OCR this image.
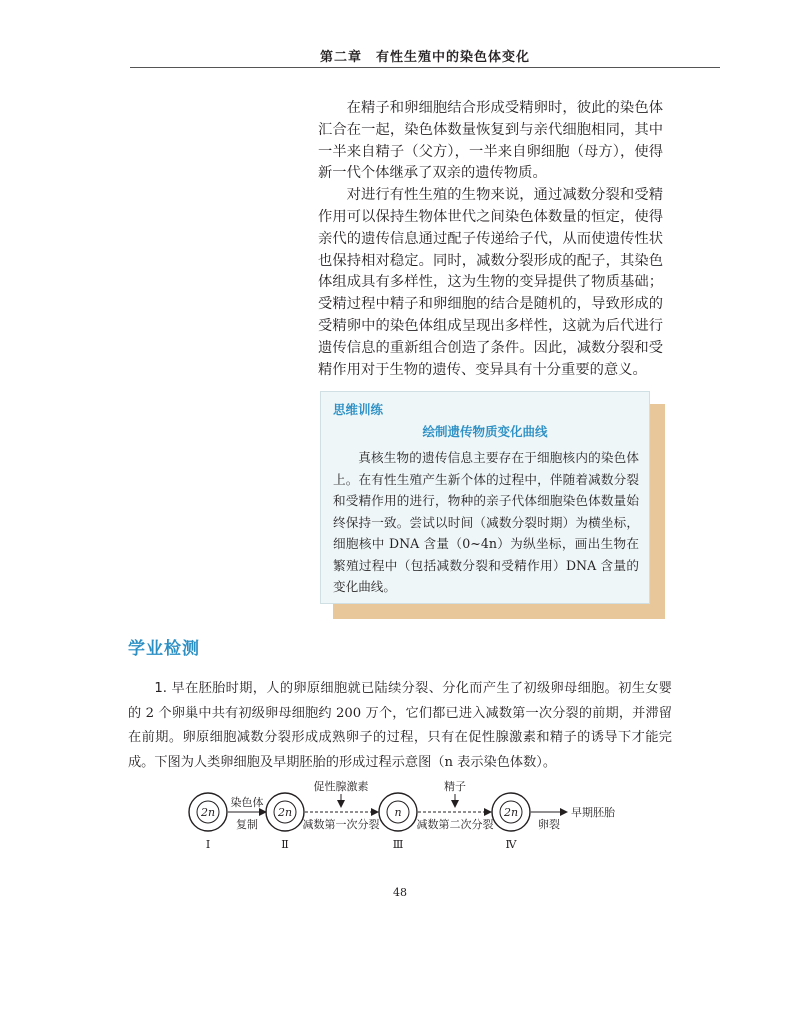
第二章　有性生殖中的染色体变化

在精子和卵细胞结合形成受精卵时，彼此的染色体汇合在一起，染色体数量恢复到与亲代细胞相同，其中一半来自精子（父方），一半来自卵细胞（母方），使得新一代个体继承了双亲的遗传物质。

对进行有性生殖的生物来说，通过减数分裂和受精作用可以保持生物体世代之间染色体数量的恒定，使得亲代的遗传信息通过配子传递给子代，从而使遗传性状也保持相对稳定。同时，减数分裂形成的配子，其染色体组成具有多样性，这为生物的变异提供了物质基础；受精过程中精子和卵细胞的结合是随机的，导致形成的受精卵中的染色体组成呈现出多样性，这就为后代进行遗传信息的重新组合创造了条件。因此，减数分裂和受精作用对于生物的遗传、变异具有十分重要的意义。

思维训练
绘制遗传物质变化曲线

真核生物的遗传信息主要存在于细胞核内的染色体上。在有性生殖产生新个体的过程中，伴随着减数分裂和受精作用的进行，物种的亲子代体细胞染色体数量始终保持一致。尝试以时间（减数分裂时期）为横坐标，细胞核中 DNA 含量（0~4n）为纵坐标，画出生物在繁殖过程中（包括减数分裂和受精作用）DNA 含量的变化曲线。

学业检测

1. 早在胚胎时期，人的卵原细胞就已陆续分裂、分化而产生了初级卵母细胞。初生女婴的 2 个卵巢中共有初级卵母细胞约 200 万个，它们都已进入减数第一次分裂的前期，并滞留在前期。卵原细胞减数分裂形成成熟卵子的过程，只有在促性腺激素和精子的诱导下才能完成。下图为人类卵细胞及早期胚胎的形成过程示意图（n 表示染色体数）。

2n
Ⅰ
染色体
复制
2n
Ⅱ
促性腺激素
减数第一次分裂
n
Ⅲ
精子
减数第二次分裂
2n
Ⅳ
卵裂
早期胚胎
48
